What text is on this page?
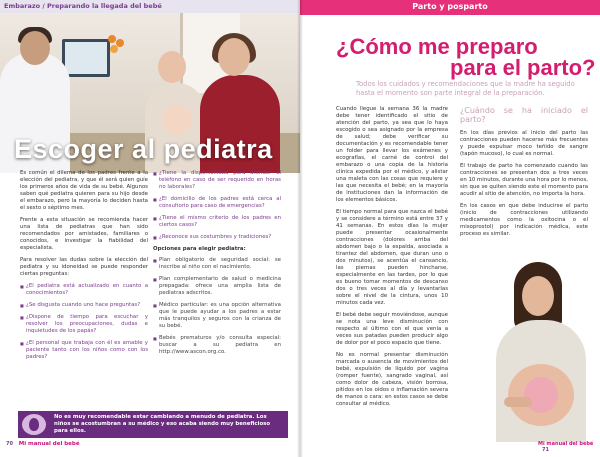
Embarazo / Preparando la llegada del bebé
Escoger al pediatra

Es común el dilema de los padres frente a la elección del pediatra, y que él será quien guíe los primeros años de vida de su bebé. Algunos saben qué pediatra quieren para su hijo desde el embarazo, pero la mayoría lo deciden hasta el sexto o séptimo mes.

Frente a esta situación se recomienda hacer una lista de pediatras que han sido recomendados por amistades, familiares o conocidos, e investigar la fiabilidad del especialista.

Para resolver las dudas sobre la elección del pediatra y su idoneidad se puede responder ciertas preguntas:

■ ¿El pediatra está actualizado en cuanto a conocimientos?
■ ¿Se disgusta cuando uno hace preguntas?
■ ¿Dispone de tiempo para escuchar y resolver los preocupaciones, dudas e inquietudes de los papás?
■ ¿El personal que trabaja con él es amable y paciente tanto con los niños como con los padres?
■ ¿Tiene la disponibilidad para atender al teléfono en caso de ser requerido en horas no laborales?
■ ¿El domicilio de los padres está cerca al consultorio para caso de emergencias?
■ ¿Tiene el mismo criterio de los padres en ciertos casos?
■ ¿Reconoce sus costumbres y tradiciones?

Opciones para elegir pediatra:

■ Plan obligatorio de seguridad social: se inscribe al niño con el nacimiento.
■ Plan complementario de salud o medicina prepagada: ofrece una amplia lista de pediatras adscritos.
■ Médico particular: es una opción alternativa que le puede ayudar a los padres a estar más tranquilos y seguros con la crianza de su bebé.
■ Bebés prematuros y/o consulta especial: buscar a su pediatra en http://www.ascon.org.co.
No es muy recomendable estar cambiando a menudo de pediatra. Los niños se acostumbran a su médico y eso acaba siendo muy beneficioso para ellos.
70 Mi manual del bebé
Parto y posparto
¿Cómo me preparo
para el parto?
Todos los cuidados y recomendaciones que la madre ha seguido hasta el momento son parte integral de la preparación.

Cuando llegue la semana 36 la madre debe tener identificado el sitio de atención del parto, ya sea que lo haya escogido o sea asignado por la empresa de salud; debe verificar su documentación y es recomendable tener un folder para llevar los exámenes y ecografías, el carné de control del embarazo o una copia de la historia clínica expedida por el médico, y alistar una maleta con las cosas que requiere y las que necesita el bebé; en la mayoría de instituciones dan la información de los elementos básicos.

El tiempo normal para que nazca el bebé y se considere a término está entre 37 y 41 semanas. En estos días la mujer puede presentar ocasionalmente contracciones (dolores arriba del abdomen bajo o la espalda, asociada a tirantez del abdomen, que duran uno o dos minutos), se acentúa el cansancio, las piernas pueden hincharse, especialmente en las tardes, por lo que es bueno tomar momentos de descanso dos o tres veces al día y levantarlas sobre el nivel de la cintura, unos 10 minutos cada vez.

El bebé debe seguir moviéndose, aunque se nota una leve disminución con respecto al último con el que venía a veces sus patadas pueden producir algo de dolor por el poco espacio que tiene.

No es normal presentar disminución marcada o ausencia de movimientos del bebé, expulsión de líquido por vagina (romper fuente), sangrado vaginal, así como dolor de cabeza, visión borrosa, pitidos en los oídos o inflamación severa de manos o cara: en estos casos se debe consultar al médico.

¿Cuándo se ha iniciado el parto?

En los días previos al inicio del parto las contracciones pueden hacerse más frecuentes y puede expulsar moco teñido de sangre (tapón mucoso), lo cual es normal.

El trabajo de parto ha comenzado cuando las contracciones se presentan dos a tres veces en 10 minutos, durante una hora por lo menos, sin que se quiten siendo este el momento para acudir al sitio de atención, no importa la hora.

En los casos en que debe inducirse el parto (inicio de contracciones utilizando medicamentos como la oxitocina o el misoprostol) por indicación médica, este proceso es similar.

Mi manual del bebé 71
